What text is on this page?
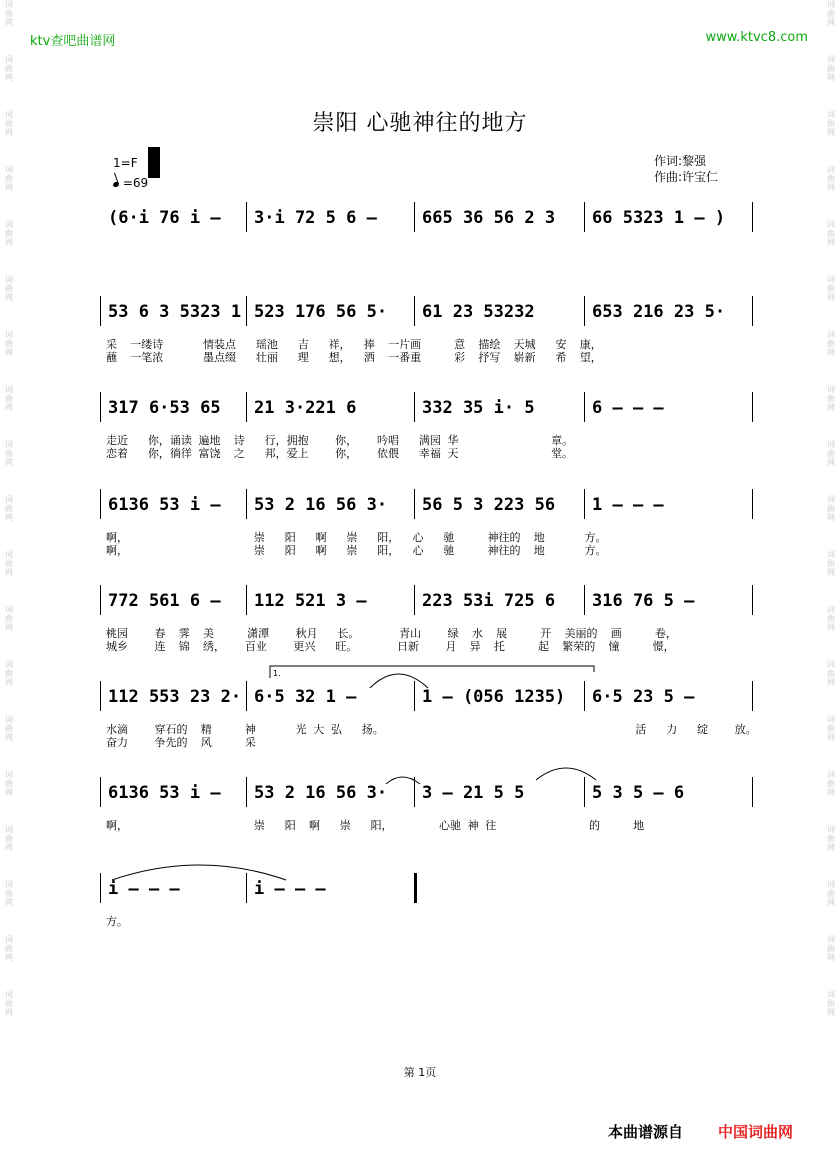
词
曲
网
词
曲
网
词
曲
网
词
曲
网
词
曲
网
词
曲
网
词
曲
网
词
曲
网
词
曲
网
词
曲
网
词
曲
网
词
曲
网
词
曲
网
词
曲
网
词
曲
网
词
曲
网
词
曲
网
词
曲
网
词
曲
网
词
曲
网
词
曲
网
词
曲
网
词
曲
网
词
曲
网
词
曲
网
词
曲
网
词
曲
网
词
曲
网
词
曲
网
词
曲
网
词
曲
网
词
曲
网
词
曲
网
词
曲
网
词
曲
网
词
曲
网
词
曲
网
词
曲
网
ktv查吧曲谱网	www.ktvc8.com
崇阳 心驰神往的地方
1=F
=69
作词:黎强
作曲:许宝仁
(6·i 76 i – 3·i 72 5 6 –	665 36 56 2 3 66 5323 1 – )
53 6 3 5323 1 523 176 56 5· 61 23 53232	653 216 23 5·
采  一缕诗      情装点   瑶池   吉   祥，  捧  一片画     意  描绘  天城   安  康，
蘸  一笔浓      墨点缀   壮丽   理   想，  洒  一番重     彩  抒写  崭新   希  望，
317 6·53 65 21 3·221 6	332 35 i· 5	6 – – –
走近   你，诵读 遍地  诗   行，拥抱    你，   吟唱   满园 华              章。
恋着   你，徜徉 富饶  之   邦，爱上    你，   依偎   幸福 天              堂。
6136 53 i – 53 2 16 56 3· 56 5 3 223 56 1 – – –
啊，                   崇   阳   啊   崇   阳，  心   驰     神往的  地      方。
啊，                   崇   阳   啊   崇   阳，  心   驰     神往的  地      方。
772 561 6 – 112 521 3 –	223 53i 725 6 316 76 5 –
桃园    春  霁  美     潇潭    秋月   长。      青山    绿  水  展     开  美丽的  画     卷，
城乡    连  锦  绣，   百业    更兴   旺。      日新    月  异  托     起  繁荣的  憧     憬，
112 553 23 2· 6·5 32 1 –	1 – (056 1235) 6·5 23 5 –
水滴    穿石的  精     神      光 大 弘   扬。                                      活   力   绽    放。
奋力    争先的  风     采
6136 53 i – 53 2 16 56 3· 3 – 21 5 5	5 3 5 – 6
啊，                   崇   阳  啊   崇   阳，       心驰 神 往              的     地
i – – –	i – – –
方。
1.
第 1页
本曲谱源自 中国词曲网
